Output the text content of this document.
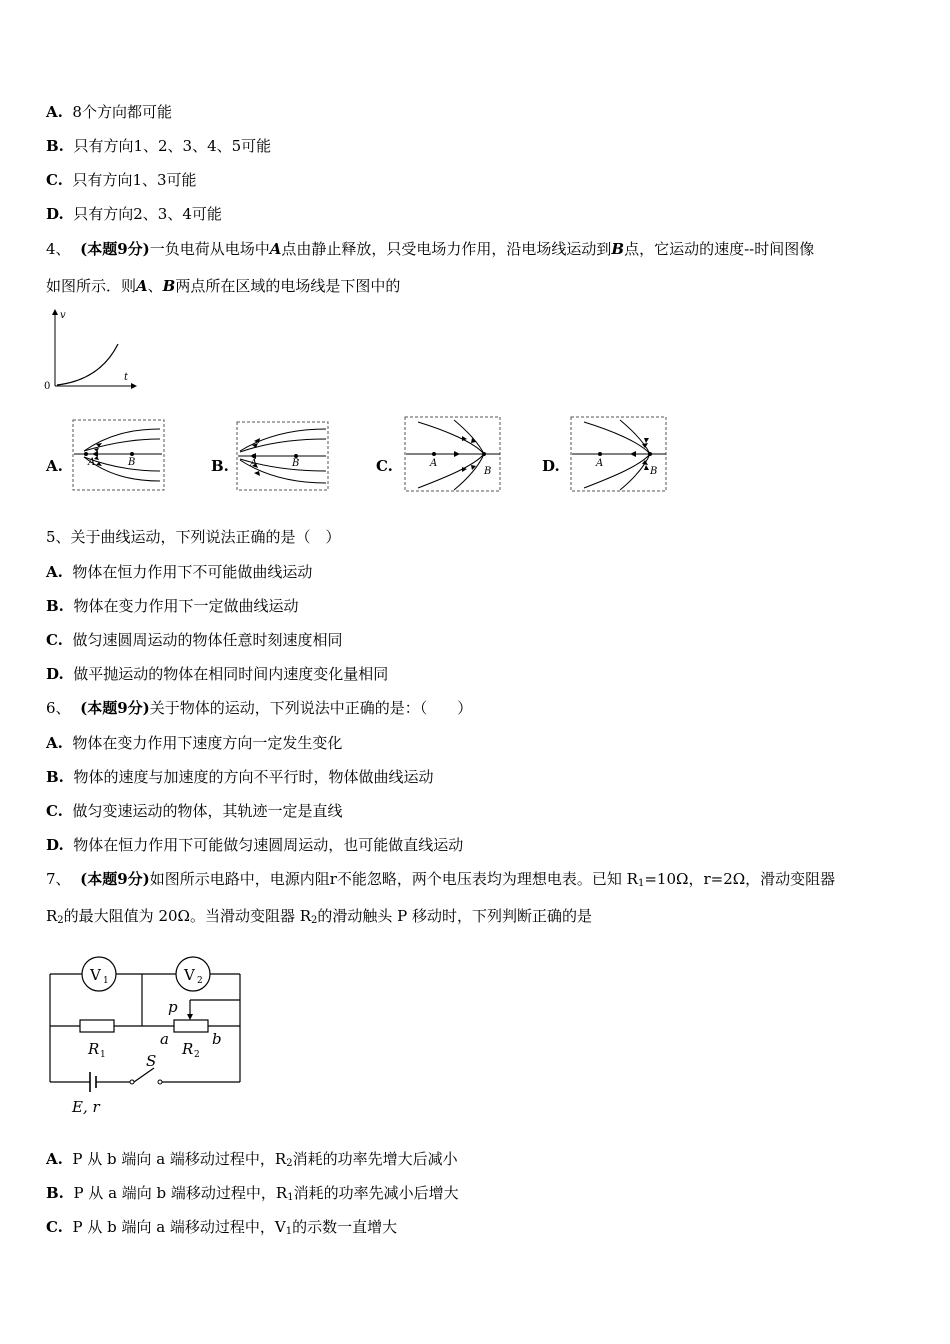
A. 8个方向都可能
B. 只有方向1、2、3、4、5可能
C. 只有方向1、3可能
D. 只有方向2、3、4可能
4、 (本题9分)一负电荷从电场中A点由静止释放，只受电场力作用，沿电场线运动到B点，它运动的速度--时间图像
如图所示．则A、B两点所在区域的电场线是下图中的
v
t
0
A.	B.	C.	D.
A	B	A	B	A
B
A
B
5、关于曲线运动，下列说法正确的是（　）
A. 物体在恒力作用下不可能做曲线运动
B. 物体在变力作用下一定做曲线运动
C. 做匀速圆周运动的物体任意时刻速度相同
D. 做平抛运动的物体在相同时间内速度变化量相同
6、 (本题9分)关于物体的运动，下列说法中正确的是：（　　）
A. 物体在变力作用下速度方向一定发生变化
B. 物体的速度与加速度的方向不平行时，物体做曲线运动
C. 做匀变速运动的物体，其轨迹一定是直线
D. 物体在恒力作用下可能做匀速圆周运动，也可能做直线运动
7、 (本题9分)如图所示电路中，电源内阻r不能忽略，两个电压表均为理想电表。已知 $R_1=10\Omega$，r=2Ω，滑动变阻器
$R_2$的最大阻值为 20Ω。当滑动变阻器 $R_2$的滑动触头 P 移动时，下列判断正确的是
V 1	V 2
p
a	b
R 1	R 2
S
E, r
A. P 从 b 端向 a 端移动过程中，$R_2$消耗的功率先增大后减小
B. P 从 a 端向 b 端移动过程中，$R_1$消耗的功率先减小后增大
C. P 从 b 端向 a 端移动过程中，$V_1$的示数一直增大
